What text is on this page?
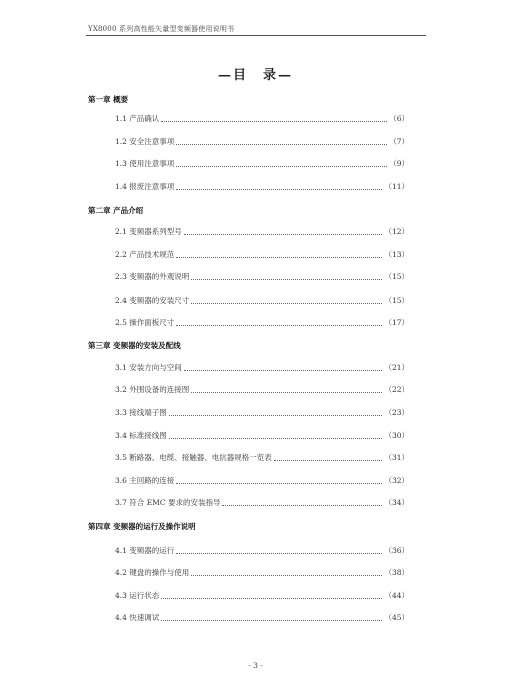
YX8000 系列高性能矢量型变频器使用说明书
—目　录—
第一章 概要
1.1 产品确认	（6）
1.2 安全注意事项	（7）
1.3 使用注意事项	（9）
1.4 报废注意事项	（11）
第二章 产品介绍
2.1 变频器系列型号	（12）
2.2 产品技术规范	（13）
2.3 变频器的外观说明	（15）
2.4 变频器的安装尺寸	（15）
2.5 操作面板尺寸	（17）
第三章 变频器的安装及配线
3.1 安装方向与空间	（21）
3.2 外围设备的连接图	（22）
3.3 接线端子图	（23）
3.4 标准接线图	（30）
3.5 断路器、电缆、接触器、电抗器规格一览表	（31）
3.6 主回路的连接	（32）
3.7 符合 EMC 要求的安装指导	（34）
第四章 变频器的运行及操作说明
4.1 变频器的运行	（36）
4.2 键盘的操作与使用	（38）
4.3 运行状态	（44）
4.4 快速调试	（45）
- 3 -
